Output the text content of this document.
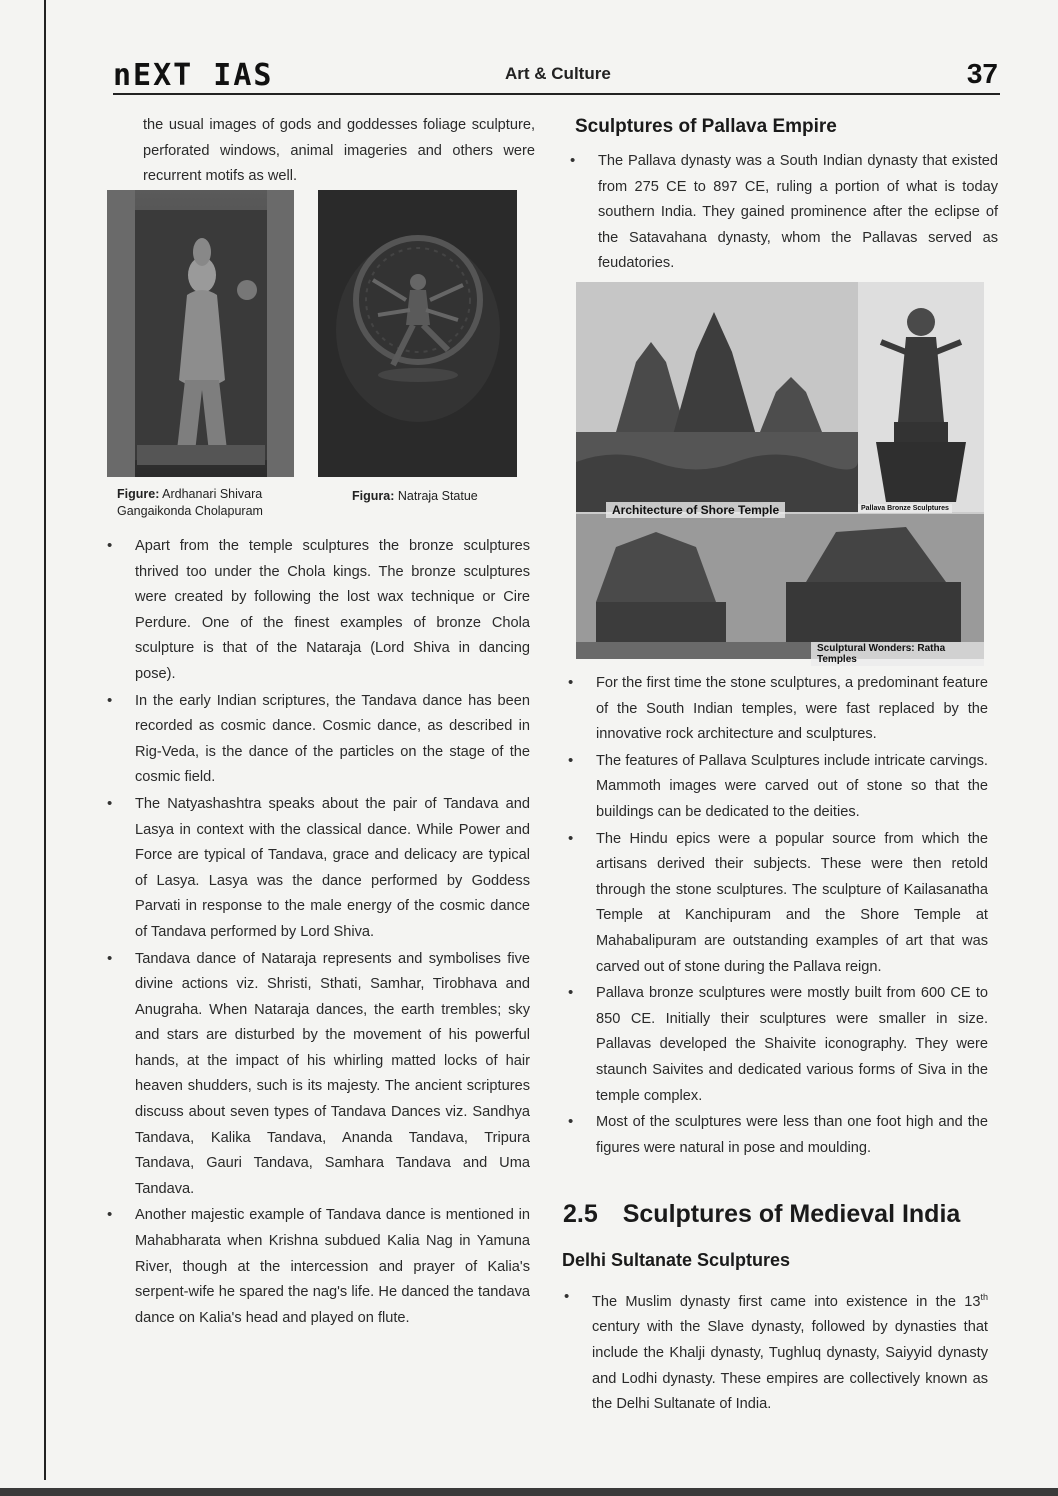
nEXT IAS	Art & Culture	37
the usual images of gods and goddesses foliage sculpture, perforated windows, animal imageries and others were recurrent motifs as well.
Figure: Ardhanari Shivara Gangaikonda Cholapuram
Figura: Natraja Statue
• Apart from the temple sculptures the bronze sculptures thrived too under the Chola kings. The bronze sculptures were created by following the lost wax technique or Cire Perdure. One of the finest examples of bronze Chola sculpture is that of the Nataraja (Lord Shiva in dancing pose).
• In the early Indian scriptures, the Tandava dance has been recorded as cosmic dance. Cosmic dance, as described in Rig-Veda, is the dance of the particles on the stage of the cosmic field.
• The Natyashashtra speaks about the pair of Tandava and Lasya in context with the classical dance. While Power and Force are typical of Tandava, grace and delicacy are typical of Lasya. Lasya was the dance performed by Goddess Parvati in response to the male energy of the cosmic dance of Tandava performed by Lord Shiva.
• Tandava dance of Nataraja represents and symbolises five divine actions viz. Shristi, Sthati, Samhar, Tirobhava and Anugraha. When Nataraja dances, the earth trembles; sky and stars are disturbed by the movement of his powerful hands, at the impact of his whirling matted locks of hair heaven shudders, such is its majesty. The ancient scriptures discuss about seven types of Tandava Dances viz. Sandhya Tandava, Kalika Tandava, Ananda Tandava, Tripura Tandava, Gauri Tandava, Samhara Tandava and Uma Tandava.
• Another majestic example of Tandava dance is mentioned in Mahabharata when Krishna subdued Kalia Nag in Yamuna River, though at the intercession and prayer of Kalia's serpent-wife he spared the nag's life. He danced the tandava dance on Kalia's head and played on flute.
Sculptures of Pallava Empire
• The Pallava dynasty was a South Indian dynasty that existed from 275 CE to 897 CE, ruling a portion of what is today southern India. They gained prominence after the eclipse of the Satavahana dynasty, whom the Pallavas served as feudatories.
Architecture of Shore Temple	Pallava Bronze Sculptures
Sculptural Wonders: Ratha Temples
• For the first time the stone sculptures, a predominant feature of the South Indian temples, were fast replaced by the innovative rock architecture and sculptures.
• The features of Pallava Sculptures include intricate carvings. Mammoth images were carved out of stone so that the buildings can be dedicated to the deities.
• The Hindu epics were a popular source from which the artisans derived their subjects. These were then retold through the stone sculptures. The sculpture of Kailasanatha Temple at Kanchipuram and the Shore Temple at Mahabalipuram are outstanding examples of art that was carved out of stone during the Pallava reign.
• Pallava bronze sculptures were mostly built from 600 CE to 850 CE. Initially their sculptures were smaller in size. Pallavas developed the Shaivite iconography. They were staunch Saivites and dedicated various forms of Siva in the temple complex.
• Most of the sculptures were less than one foot high and the figures were natural in pose and moulding.
2.5 Sculptures of Medieval India
Delhi Sultanate Sculptures
• The Muslim dynasty first came into existence in the 13th century with the Slave dynasty, followed by dynasties that include the Khalji dynasty, Tughluq dynasty, Saiyyid dynasty and Lodhi dynasty. These empires are collectively known as the Delhi Sultanate of India.
